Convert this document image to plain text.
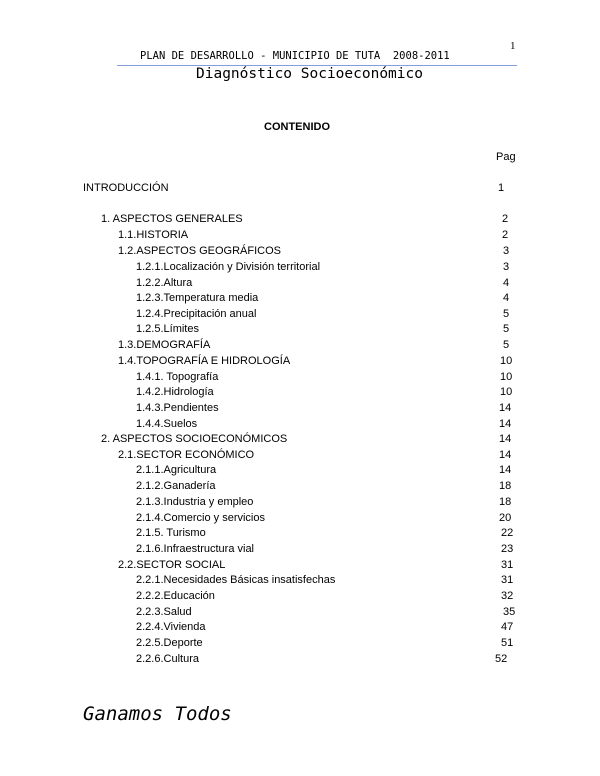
1
PLAN DE DESARROLLO - MUNICIPIO DE TUTA  2008-2011
Diagnóstico Socioeconómico
CONTENIDO
Pag
INTRODUCCIÓN	1
1. ASPECTOS GENERALES	2
1.1.HISTORIA	2
1.2.ASPECTOS GEOGRÁFICOS	3
1.2.1.Localización y División territorial	3
1.2.2.Altura	4
1.2.3.Temperatura media	4
1.2.4.Precipitación anual	5
1.2.5.Límites	5
1.3.DEMOGRAFÍA	5
1.4.TOPOGRAFÍA E HIDROLOGÍA	10
1.4.1. Topografía	10
1.4.2.Hidrología	10
1.4.3.Pendientes	14
1.4.4.Suelos	14
2. ASPECTOS SOCIOECONÓMICOS	14
2.1.SECTOR ECONÓMICO	14
2.1.1.Agricultura	14
2.1.2.Ganadería	18
2.1.3.Industria y empleo	18
2.1.4.Comercio y servicios	20
2.1.5. Turismo	22
2.1.6.Infraestructura vial	23
2.2.SECTOR SOCIAL	31
2.2.1.Necesidades Básicas insatisfechas	31
2.2.2.Educación	32
2.2.3.Salud	35
2.2.4.Vivienda	47
2.2.5.Deporte	51
2.2.6.Cultura	52
Ganamos Todos
